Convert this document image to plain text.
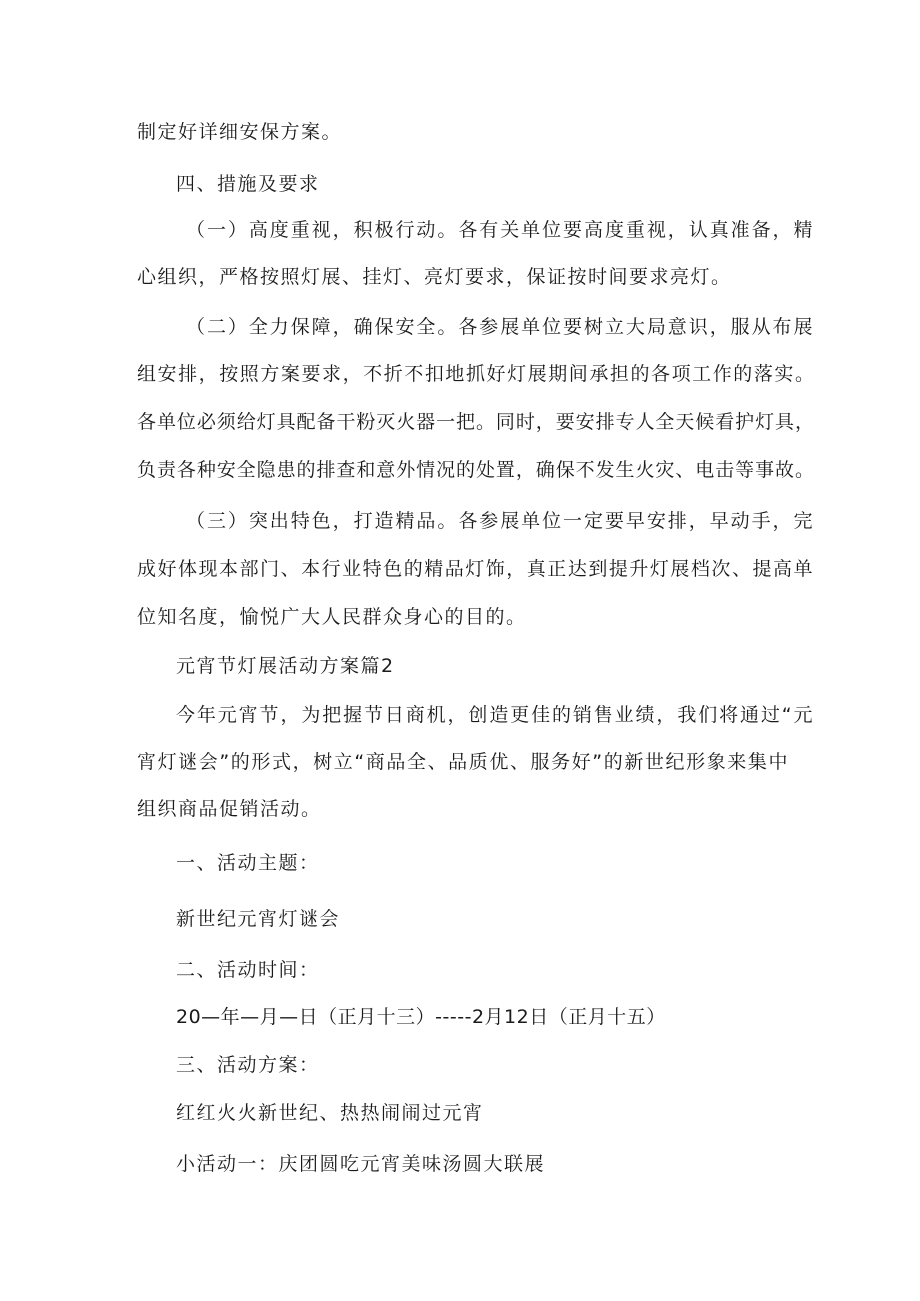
制定好详细安保方案。
四、措施及要求
（一）高度重视，积极行动。各有关单位要高度重视，认真准备，精
心组织，严格按照灯展、挂灯、亮灯要求，保证按时间要求亮灯。
（二）全力保障，确保安全。各参展单位要树立大局意识，服从布展
组安排，按照方案要求，不折不扣地抓好灯展期间承担的各项工作的落实。
各单位必须给灯具配备干粉灭火器一把。同时，要安排专人全天候看护灯具，
负责各种安全隐患的排查和意外情况的处置，确保不发生火灾、电击等事故。
（三）突出特色，打造精品。各参展单位一定要早安排，早动手，完
成好体现本部门、本行业特色的精品灯饰，真正达到提升灯展档次、提高单
位知名度，愉悦广大人民群众身心的目的。
元宵节灯展活动方案篇2
今年元宵节，为把握节日商机，创造更佳的销售业绩，我们将通过“元
宵灯谜会”的形式，树立“商品全、品质优、服务好”的新世纪形象来集中
组织商品促销活动。
一、活动主题：
新世纪元宵灯谜会
二、活动时间：
20—年—月—日（正月十三）-----2月12日（正月十五）
三、活动方案：
红红火火新世纪、热热闹闹过元宵
小活动一：庆团圆吃元宵美味汤圆大联展
